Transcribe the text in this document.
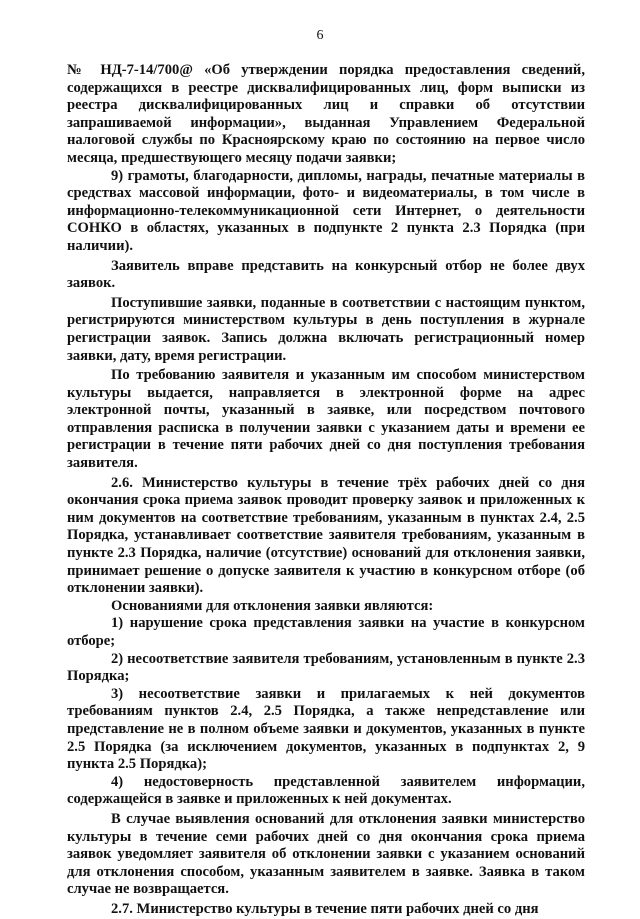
6

№ НД-7-14/700@ «Об утверждении порядка предоставления сведений, содержащихся в реестре дисквалифицированных лиц, форм выписки из реестра дисквалифицированных лиц и справки об отсутствии запрашиваемой информации», выданная Управлением Федеральной налоговой службы по Красноярскому краю по состоянию на первое число месяца, предшествующего месяцу подачи заявки;

9) грамоты, благодарности, дипломы, награды, печатные материалы в средствах массовой информации, фото- и видеоматериалы, в том числе в информационно-телекоммуникационной сети Интернет, о деятельности СОНКО в областях, указанных в подпункте 2 пункта 2.3 Порядка (при наличии).

Заявитель вправе представить на конкурсный отбор не более двух заявок.

Поступившие заявки, поданные в соответствии с настоящим пунктом, регистрируются министерством культуры в день поступления в журнале регистрации заявок. Запись должна включать регистрационный номер заявки, дату, время регистрации.

По требованию заявителя и указанным им способом министерством культуры выдается, направляется в электронной форме на адрес электронной почты, указанный в заявке, или посредством почтового отправления расписка в получении заявки с указанием даты и времени ее регистрации в течение пяти рабочих дней со дня поступления требования заявителя.

2.6. Министерство культуры в течение трёх рабочих дней со дня окончания срока приема заявок проводит проверку заявок и приложенных к ним документов на соответствие требованиям, указанным в пунктах 2.4, 2.5 Порядка, устанавливает соответствие заявителя требованиям, указанным в пункте 2.3 Порядка, наличие (отсутствие) оснований для отклонения заявки, принимает решение о допуске заявителя к участию в конкурсном отборе (об отклонении заявки).

Основаниями для отклонения заявки являются:

1) нарушение срока представления заявки на участие в конкурсном отборе;

2) несоответствие заявителя требованиям, установленным в пункте 2.3 Порядка;

3) несоответствие заявки и прилагаемых к ней документов требованиям пунктов 2.4, 2.5 Порядка, а также непредставление или представление не в полном объеме заявки и документов, указанных в пункте 2.5 Порядка (за исключением документов, указанных в подпунктах 2, 9 пункта 2.5 Порядка);

4) недостоверность представленной заявителем информации, содержащейся в заявке и приложенных к ней документах.

В случае выявления оснований для отклонения заявки министерство культуры в течение семи рабочих дней со дня окончания срока приема заявок уведомляет заявителя об отклонении заявки с указанием оснований для отклонения способом, указанным заявителем в заявке. Заявка в таком случае не возвращается.

2.7. Министерство культуры в течение пяти рабочих дней со дня
